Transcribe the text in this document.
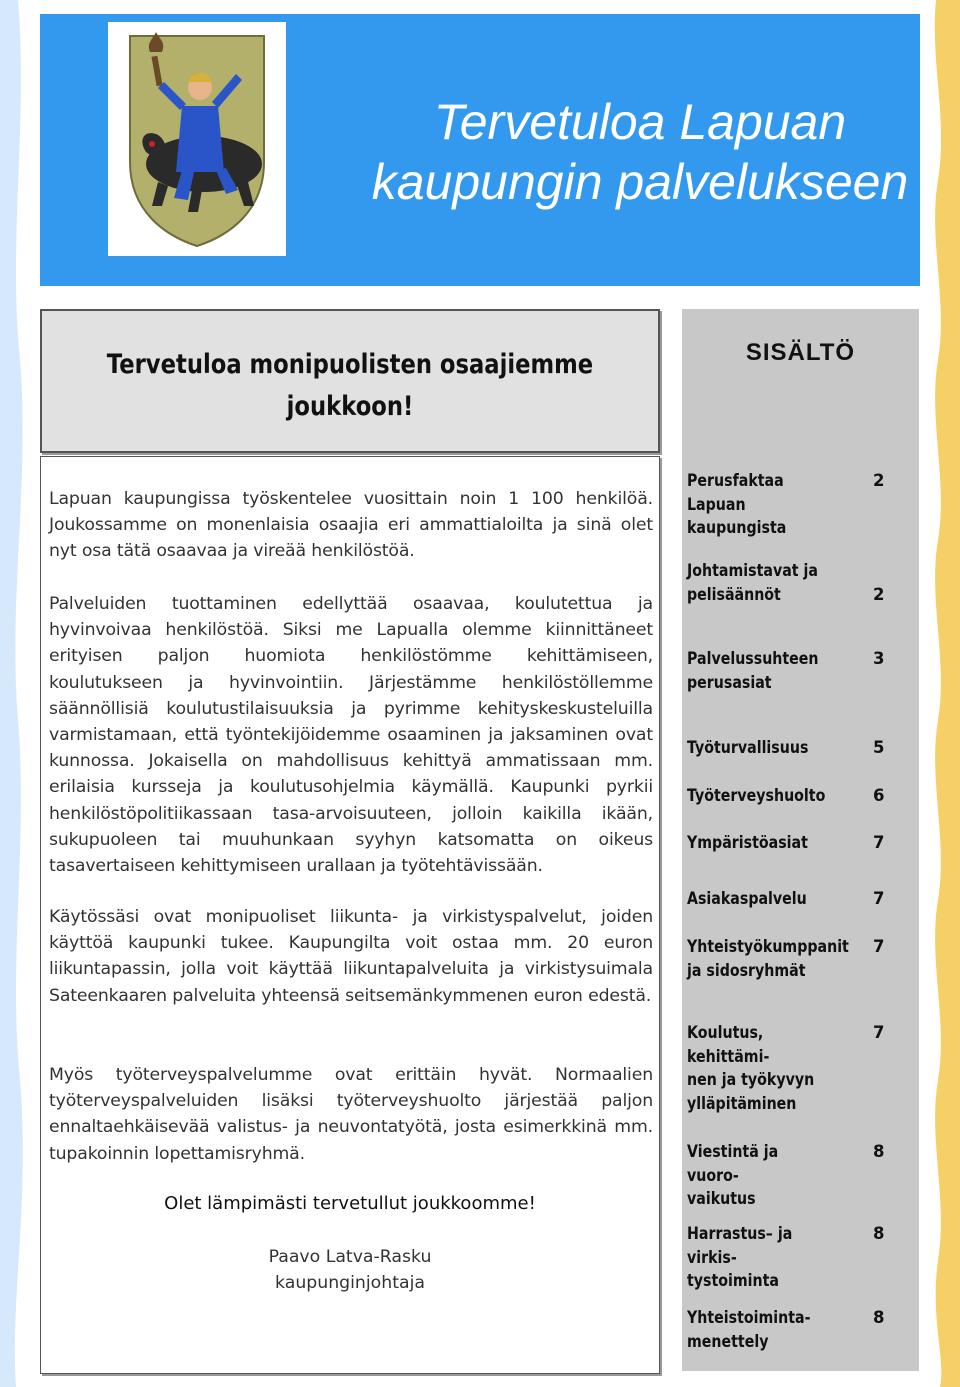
Tervetuloa Lapuan
kaupungin palvelukseen
Tervetuloa monipuolisten osaajiemme
joukkoon!

Lapuan kaupungissa työskentelee vuosittain noin 1 100 henkilöä. Joukossamme on monenlaisia osaajia eri ammattialoilta ja sinä olet nyt osa tätä osaavaa ja vireää henkilöstöä.

Palveluiden tuottaminen edellyttää osaavaa, koulutettua ja hyvinvoivaa henkilöstöä. Siksi me Lapualla olemme kiinnittäneet erityisen paljon huomiota henkilöstömme kehittämiseen, koulutukseen ja hyvinvointiin. Järjestämme henkilöstöllemme säännöllisiä koulutustilaisuuksia ja pyrimme kehityskeskusteluilla varmistamaan, että työntekijöidemme osaaminen ja jaksaminen ovat kunnossa. Jokaisella on mahdollisuus kehittyä ammatissaan mm. erilaisia kursseja ja koulutusohjelmia käymällä. Kaupunki pyrkii henkilöstöpolitiikassaan tasa-arvoisuuteen, jolloin kaikilla ikään, sukupuoleen tai muuhunkaan syyhyn katsomatta on oikeus tasavertaiseen kehittymiseen urallaan ja työtehtävissään.

Käytössäsi ovat monipuoliset liikunta- ja virkistyspalvelut, joiden käyttöä kaupunki tukee. Kaupungilta voit ostaa mm. 20 euron liikuntapassin, jolla voit käyttää liikuntapalveluita ja virkistysuimala Sateenkaaren palveluita yhteensä seitsemänkymmenen euron edestä.

Myös työterveyspalvelumme ovat erittäin hyvät. Normaalien työterveyspalveluiden lisäksi työterveyshuolto järjestää paljon ennaltaehkäisevää valistus- ja neuvontatyötä, josta esimerkkinä mm. tupakoinnin lopettamisryhmä.

Olet lämpimästi tervetullut joukkoomme!

Paavo Latva-Rasku
kaupunginjohtaja
SISÄLTÖ
Perusfaktaa Lapuan
kaupungista
2
Johtamistavat ja
pelisäännöt	2
Palvelussuhteen
perusasiat
3
Työturvallisuus	5
Työterveyshuolto	6
Ympäristöasiat	7
Asiakaspalvelu	7
Yhteistyökumppanit
ja sidosryhmät
7
Koulutus, kehittämi-
nen ja työkyvyn
ylläpitäminen
7
Viestintä ja vuoro-
vaikutus
8
Harrastus– ja virkis-
tystoiminta
8
Yhteistoiminta-
menettely
8
